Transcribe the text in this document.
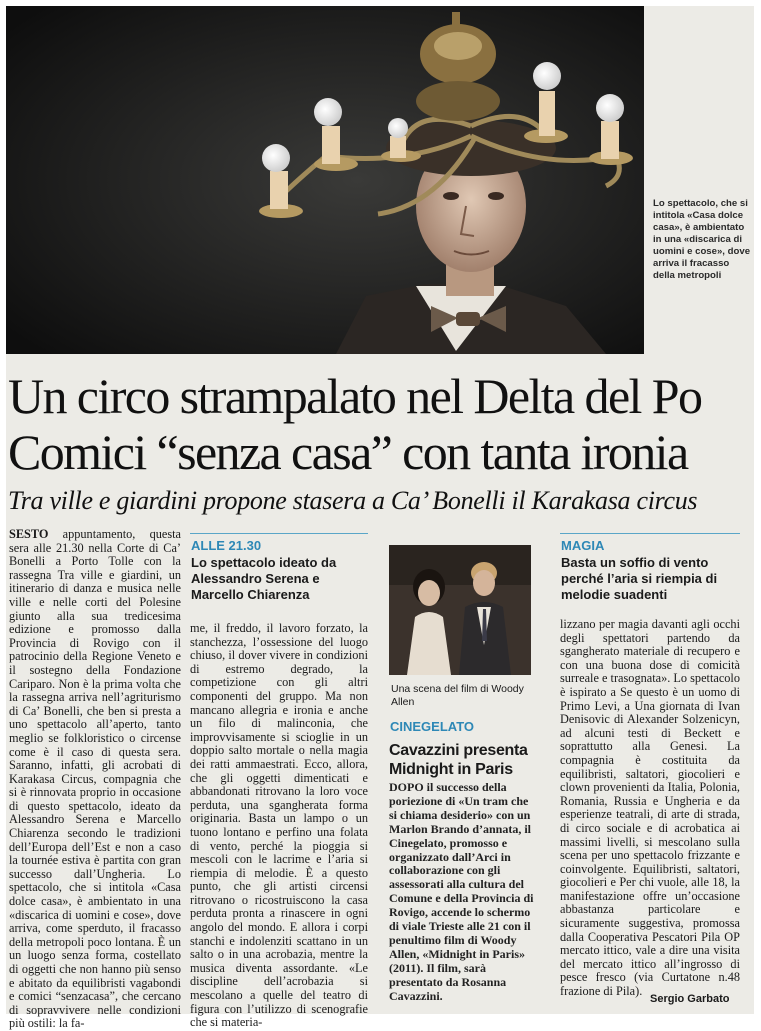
Lo spettacolo, che si intitola «Casa dolce casa», è ambientato in una «discarica di uomini e cose», dove arriva il fracasso della metropoli
Un circo strampalato nel Delta del Po
Comici “senza casa” con tanta ironia
Tra ville e giardini propone stasera a Ca’ Bonelli il Karakasa circus
SESTO appuntamento, questa sera alle 21.30 nella Corte di Ca’ Bonelli a Porto Tolle con la rassegna Tra ville e giardini, un itinerario di danza e musica nelle ville e nelle corti del Polesine giunto alla sua tredicesima edizione e promosso dalla Provincia di Rovigo con il patrocinio della Regione Veneto e il sostegno della Fondazione Cariparo. Non è la prima volta che la rassegna arriva nell’agriturismo di Ca’ Bonelli, che ben si presta a uno spettacolo all’aperto, tanto meglio se folkloristico o circense come è il caso di questa sera. Saranno, infatti, gli acrobati di Karakasa Circus, compagnia che si è rinnovata proprio in occasione di questo spettacolo, ideato da Alessandro Serena e Marcello Chiarenza secondo le tradizioni dell’Europa dell’Est e non a caso la tournée estiva è partita con gran successo dall’Ungheria. Lo spettacolo, che si intitola «Casa dolce casa», è ambientato in una «discarica di uomini e cose», dove arriva, come sperduto, il fracasso della metropoli poco lontana. È un un luogo senza forma, costellato di oggetti che non hanno più senso e abitato da equilibristi vagabondi e comici “senzacasa”, che cercano di sopravvivere nelle condizioni più ostili: la fa-
ALLE 21.30
Lo spettacolo ideato da Alessandro Serena e Marcello Chiarenza
me, il freddo, il lavoro forzato, la stanchezza, l’ossessione del luogo chiuso, il dover vivere in condizioni di estremo degrado, la competizione con gli altri componenti del gruppo. Ma non mancano allegria e ironia e anche un filo di malinconia, che improvvisamente si scioglie in un doppio salto mortale o nella magia dei ratti ammaestrati. Ecco, allora, che gli oggetti dimenticati e abbandonati ritrovano la loro voce perduta, una sgangherata forma originaria. Basta un lampo o un tuono lontano e perfino una folata di vento, perché la pioggia si mescoli con le lacrime e l’aria si riempia di melodie. È a questo punto, che gli artisti circensi ritrovano o ricostruiscono la casa perduta pronta a rinascere in ogni angolo del mondo. E allora i corpi stanchi e indolenziti scattano in un salto o in una acrobazia, mentre la musica diventa assordante. «Le discipline dell’acrobazia si mescolano a quelle del teatro di figura con l’utilizzo di scenografie che si materia-
Una scena del film di Woody Allen
CINEGELATO
Cavazzini presenta Midnight in Paris
DOPO il successo della poriezione di «Un tram che si chiama desiderio» con un Marlon Brando d’annata, il Cinegelato, promosso e organizzato dall’Arci in collaborazione con gli assessorati alla cultura del Comune e della Provincia di Rovigo, accende lo schermo di viale Trieste alle 21 con il penultimo film di Woody Allen, «Midnight in Paris» (2011). Il film, sarà presentato da Rosanna Cavazzini.
MAGIA
Basta un soffio di vento perché l’aria si riempia di melodie suadenti
lizzano per magia davanti agli occhi degli spettatori partendo da sgangherato materiale di recupero e con una buona dose di comicità surreale e trasognata». Lo spettacolo è ispirato a Se questo è un uomo di Primo Levi, a Una giornata di Ivan Denisovic di Alexander Solzenicyn, ad alcuni testi di Beckett e soprattutto alla Genesi. La compagnia è costituita da equilibristi, saltatori, giocolieri e clown provenienti da Italia, Polonia, Romania, Russia e Ungheria e da esperienze teatrali, di arte di strada, di circo sociale e di acrobatica ai massimi livelli, si mescolano sulla scena per uno spettacolo frizzante e coinvolgente. Equilibristi, saltatori, giocolieri e Per chi vuole, alle 18, la manifestazione offre un’occasione abbastanza particolare e sicuramente suggestiva, promossa dalla Cooperativa Pescatori Pila OP mercato ittico, vale a dire una visita del mercato ittico all’ingrosso di pesce fresco (via Curtatone n.48 frazione di Pila).
Sergio Garbato
